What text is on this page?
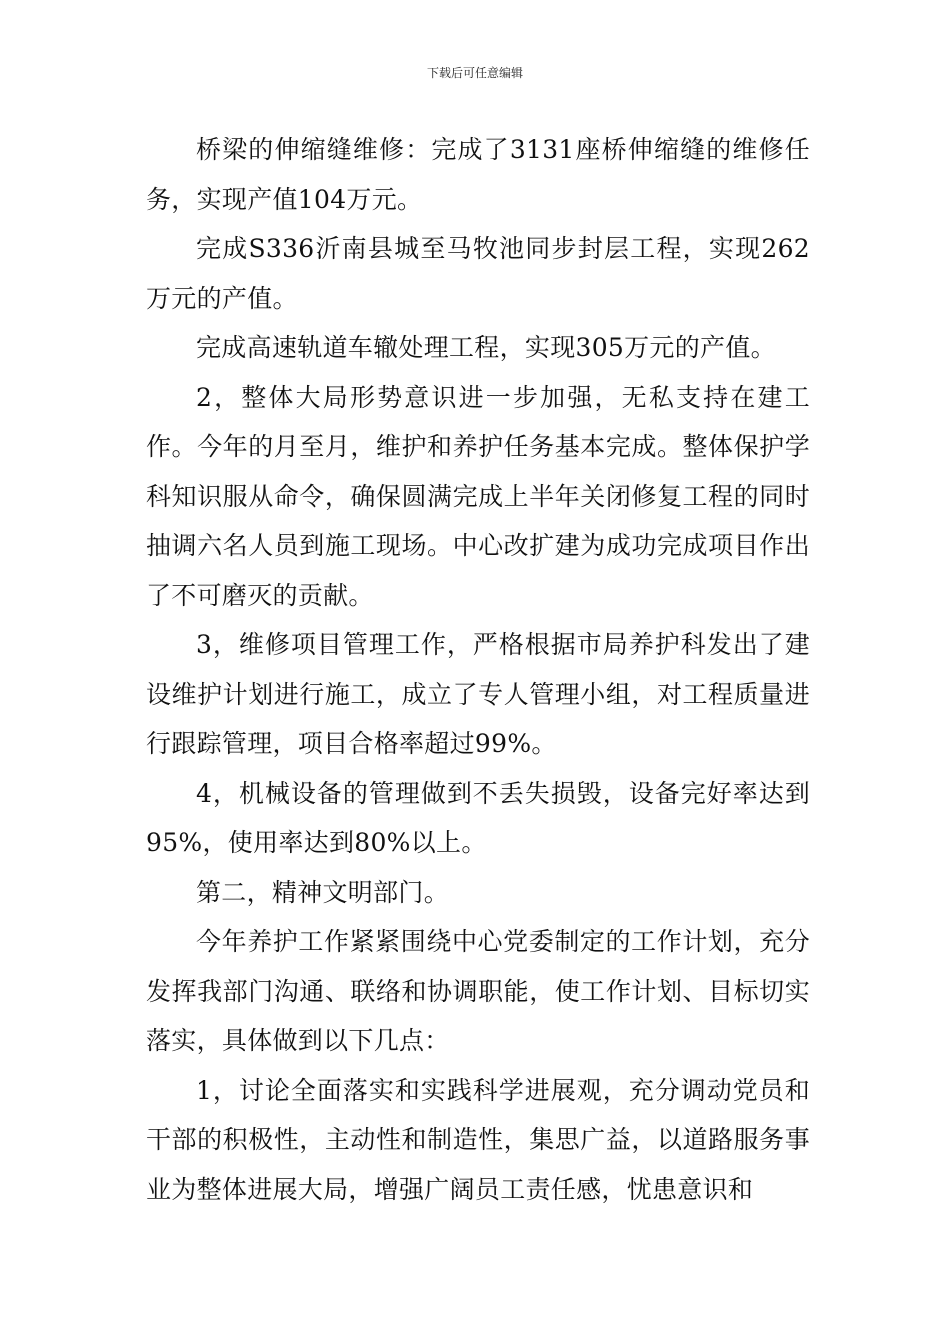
下载后可任意编辑

桥梁的伸缩缝维修：完成了3131座桥伸缩缝的维修任务，实现产值104万元。

完成S336沂南县城至马牧池同步封层工程，实现262万元的产值。

完成高速轨道车辙处理工程，实现305万元的产值。

2，整体大局形势意识进一步加强，无私支持在建工作。今年的月至月，维护和养护任务基本完成。整体保护学科知识服从命令，确保圆满完成上半年关闭修复工程的同时抽调六名人员到施工现场。中心改扩建为成功完成项目作出了不可磨灭的贡献。

3，维修项目管理工作，严格根据市局养护科发出了建设维护计划进行施工，成立了专人管理小组，对工程质量进行跟踪管理，项目合格率超过99%。

4，机械设备的管理做到不丢失损毁，设备完好率达到95%，使用率达到80%以上。

第二，精神文明部门。

今年养护工作紧紧围绕中心党委制定的工作计划，充分发挥我部门沟通、联络和协调职能，使工作计划、目标切实落实，具体做到以下几点：

1，讨论全面落实和实践科学进展观，充分调动党员和干部的积极性，主动性和制造性，集思广益，以道路服务事业为整体进展大局，增强广阔员工责任感，忧患意识和
